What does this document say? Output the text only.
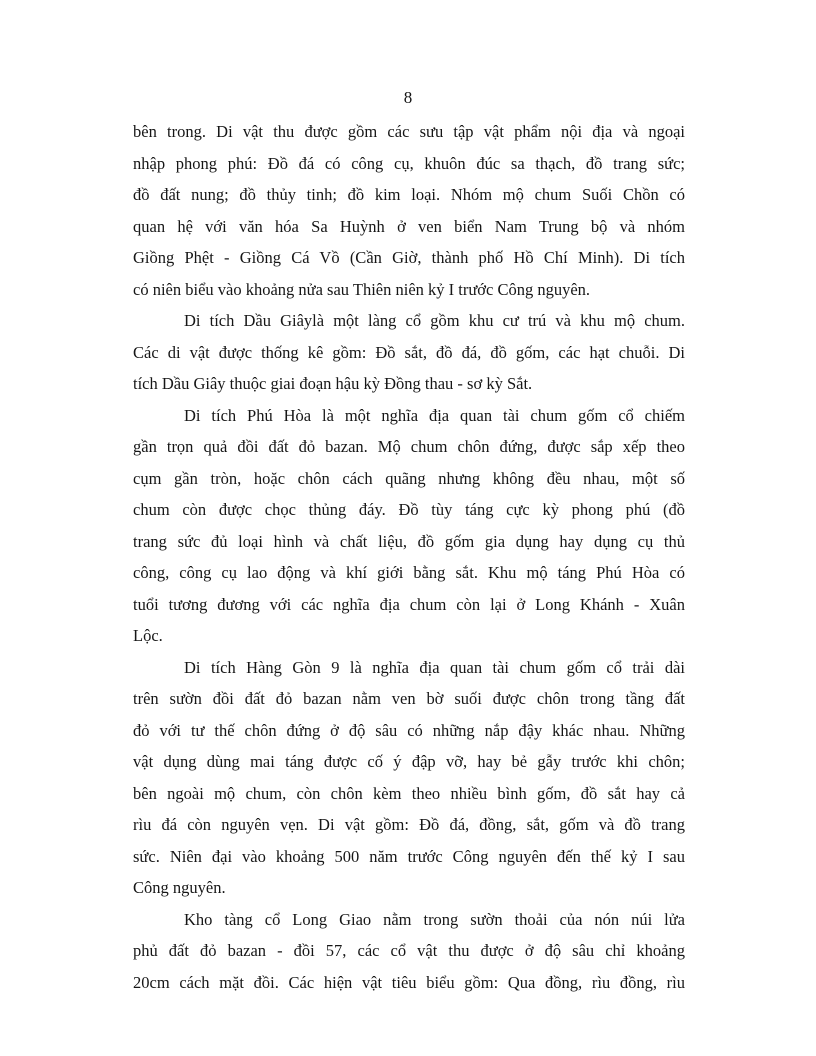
8
bên trong. Di vật thu được gồm các sưu tập vật phẩm nội địa và ngoại
nhập phong phú: Đồ đá có công cụ, khuôn đúc sa thạch, đồ trang sức;
đồ đất nung; đồ thủy tinh; đồ kim loại. Nhóm mộ chum Suối Chồn có
quan hệ với văn hóa Sa Huỳnh ở ven biển Nam Trung bộ và nhóm
Giồng Phệt - Giồng Cá Vồ (Cần Giờ, thành phố Hồ Chí Minh). Di tích
có niên biểu vào khoảng nửa sau Thiên niên kỷ I trước Công nguyên.
Di tích Dầu Giâylà một làng cổ gồm khu cư trú và khu mộ chum.
Các di vật được thống kê gồm: Đồ sắt, đồ đá, đồ gốm, các hạt chuỗi. Di
tích Dầu Giây thuộc giai đoạn hậu kỳ Đồng thau - sơ kỳ Sắt.
Di tích Phú Hòa là một nghĩa địa quan tài chum gốm cổ chiếm
gần trọn quả đồi đất đỏ bazan. Mộ chum chôn đứng, được sắp xếp theo
cụm gần tròn, hoặc chôn cách quãng nhưng không đều nhau, một số
chum còn được chọc thủng đáy. Đồ tùy táng cực kỳ phong phú (đồ
trang sức đủ loại hình và chất liệu, đồ gốm gia dụng hay dụng cụ thủ
công, công cụ lao động và khí giới bằng sắt. Khu mộ táng Phú Hòa có
tuổi tương đương với các nghĩa địa chum còn lại ở Long Khánh - Xuân
Lộc.
Di tích Hàng Gòn 9 là nghĩa địa quan tài chum gốm cổ trải dài
trên sườn đồi đất đỏ bazan nằm ven bờ suối được chôn trong tầng đất
đỏ với tư thế chôn đứng ở độ sâu có những nắp đậy khác nhau. Những
vật dụng dùng mai táng được cố ý đập vỡ, hay bẻ gẫy trước khi chôn;
bên ngoài mộ chum, còn chôn kèm theo nhiều bình gốm, đồ sắt hay cả
rìu đá còn nguyên vẹn. Di vật gồm: Đồ đá, đồng, sắt, gốm và đồ trang
sức. Niên đại vào khoảng 500 năm trước Công nguyên đến thế kỷ I sau
Công nguyên.
Kho tàng cổ Long Giao nằm trong sườn thoải của nón núi lửa
phủ đất đỏ bazan - đồi 57, các cổ vật thu được ở độ sâu chỉ khoảng
20cm cách mặt đồi. Các hiện vật tiêu biểu gồm: Qua đồng, rìu đồng, rìu
